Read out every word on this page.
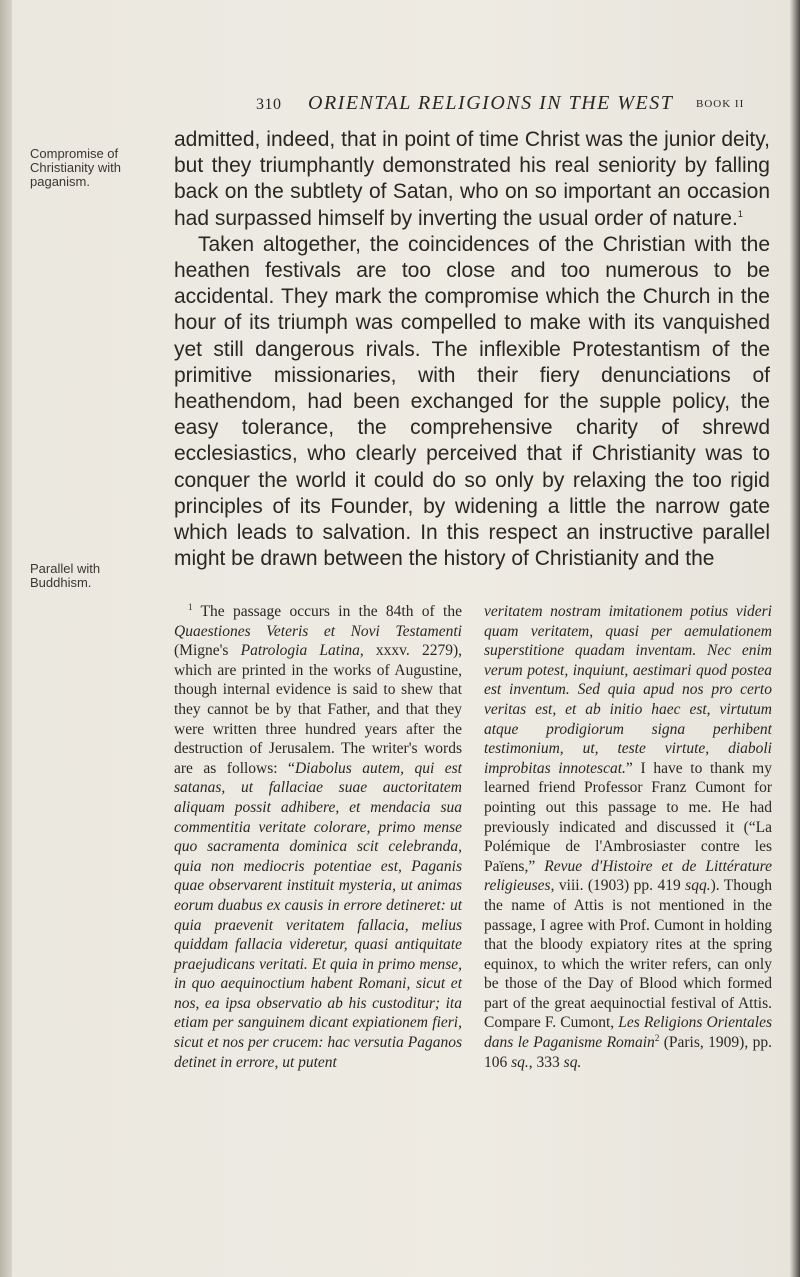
310 ORIENTAL RELIGIONS IN THE WEST BOOK II
Compromise of Christianity with paganism.
Parallel with Buddhism.

admitted, indeed, that in point of time Christ was the junior deity, but they triumphantly demonstrated his real seniority by falling back on the subtlety of Satan, who on so important an occasion had surpassed himself by inverting the usual order of nature.$^1$

Taken altogether, the coincidences of the Christian with the heathen festivals are too close and too numerous to be accidental. They mark the compromise which the Church in the hour of its triumph was compelled to make with its vanquished yet still dangerous rivals. The inflexible Protestantism of the primitive missionaries, with their fiery denunciations of heathendom, had been exchanged for the supple policy, the easy tolerance, the comprehensive charity of shrewd ecclesiastics, who clearly perceived that if Christianity was to conquer the world it could do so only by relaxing the too rigid principles of its Founder, by widening a little the narrow gate which leads to salvation. In this respect an instructive parallel might be drawn between the history of Christianity and the

$^1$ The passage occurs in the 84th of the Quaestiones Veteris et Novi Testamenti (Migne's Patrologia Latina, xxxv. 2279), which are printed in the works of Augustine, though internal evidence is said to shew that they cannot be by that Father, and that they were written three hundred years after the destruction of Jerusalem. The writer's words are as follows: “Diabolus autem, qui est satanas, ut fallaciae suae auctoritatem aliquam possit adhibere, et mendacia sua commentitia veritate colorare, primo mense quo sacramenta dominica scit celebranda, quia non mediocris potentiae est, Paganis quae observarent instituit mysteria, ut animas eorum duabus ex causis in errore detineret: ut quia praevenit veritatem fallacia, melius quiddam fallacia videretur, quasi antiquitate praejudicans veritati. Et quia in primo mense, in quo aequinoctium habent Romani, sicut et nos, ea ipsa observatio ab his custoditur; ita etiam per sanguinem dicant expiationem fieri, sicut et nos per crucem: hac versutia Paganos detinet in errore, ut putent

veritatem nostram imitationem potius videri quam veritatem, quasi per aemulationem superstitione quadam inventam. Nec enim verum potest, inquiunt, aestimari quod postea est inventum. Sed quia apud nos pro certo veritas est, et ab initio haec est, virtutum atque prodigiorum signa perhibent testimonium, ut, teste virtute, diaboli improbitas innotescat.” I have to thank my learned friend Professor Franz Cumont for pointing out this passage to me. He had previously indicated and discussed it (“La Polémique de l'Ambrosiaster contre les Païens,” Revue d'Histoire et de Littérature religieuses, viii. (1903) pp. 419 sqq.). Though the name of Attis is not mentioned in the passage, I agree with Prof. Cumont in holding that the bloody expiatory rites at the spring equinox, to which the writer refers, can only be those of the Day of Blood which formed part of the great aequinoctial festival of Attis. Compare F. Cumont, Les Religions Orientales dans le Paganisme Romain$^2$ (Paris, 1909), pp. 106 sq., 333 sq.
